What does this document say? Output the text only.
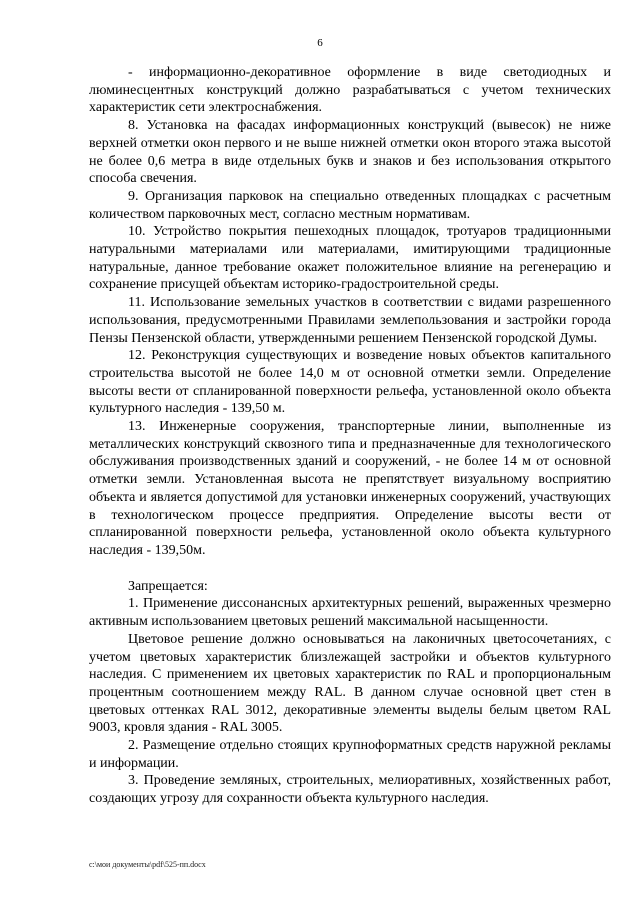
6

- информационно-декоративное оформление в виде светодиодных и люминесцентных конструкций должно разрабатываться с учетом технических характеристик сети электроснабжения.

8. Установка на фасадах информационных конструкций (вывесок) не ниже верхней отметки окон первого и не выше нижней отметки окон второго этажа высотой не более 0,6 метра в виде отдельных букв и знаков и без использования открытого способа свечения.

9. Организация парковок на специально отведенных площадках с расчетным количеством парковочных мест, согласно местным нормативам.

10. Устройство покрытия пешеходных площадок, тротуаров традиционными натуральными материалами или материалами, имитирующими традиционные натуральные, данное требование окажет положительное влияние на регенерацию и сохранение присущей объектам историко-градостроительной среды.

11. Использование земельных участков в соответствии с видами разрешенного использования, предусмотренными Правилами землепользования и застройки города Пензы Пензенской области, утвержденными решением Пензенской городской Думы.

12. Реконструкция существующих и возведение новых объектов капитального строительства высотой не более 14,0 м от основной отметки земли. Определение высоты вести от спланированной поверхности рельефа, установленной около объекта культурного наследия - 139,50 м.

13. Инженерные сооружения, транспортерные линии, выполненные из металлических конструкций сквозного типа и предназначенные для технологического обслуживания производственных зданий и сооружений, - не более 14 м от основной отметки земли. Установленная высота не препятствует визуальному восприятию объекта и является допустимой для установки инженерных сооружений, участвующих в технологическом процессе предприятия. Определение высоты вести от спланированной поверхности рельефа, установленной около объекта культурного наследия - 139,50м.

Запрещается:

1. Применение диссонансных архитектурных решений, выраженных чрезмерно активным использованием цветовых решений максимальной насыщенности.

Цветовое решение должно основываться на лаконичных цветосочетаниях, с учетом цветовых характеристик близлежащей застройки и объектов культурного наследия. С применением их цветовых характеристик по RAL и пропорциональным процентным соотношением между RAL. В данном случае основной цвет стен в цветовых оттенках RAL 3012, декоративные элементы выделы белым цветом RAL 9003, кровля здания - RAL 3005.

2. Размещение отдельно стоящих крупноформатных средств наружной рекламы и информации.

3. Проведение земляных, строительных, мелиоративных, хозяйственных работ, создающих угрозу для сохранности объекта культурного наследия.

c:\мои документы\pdf\525-пп.docx
